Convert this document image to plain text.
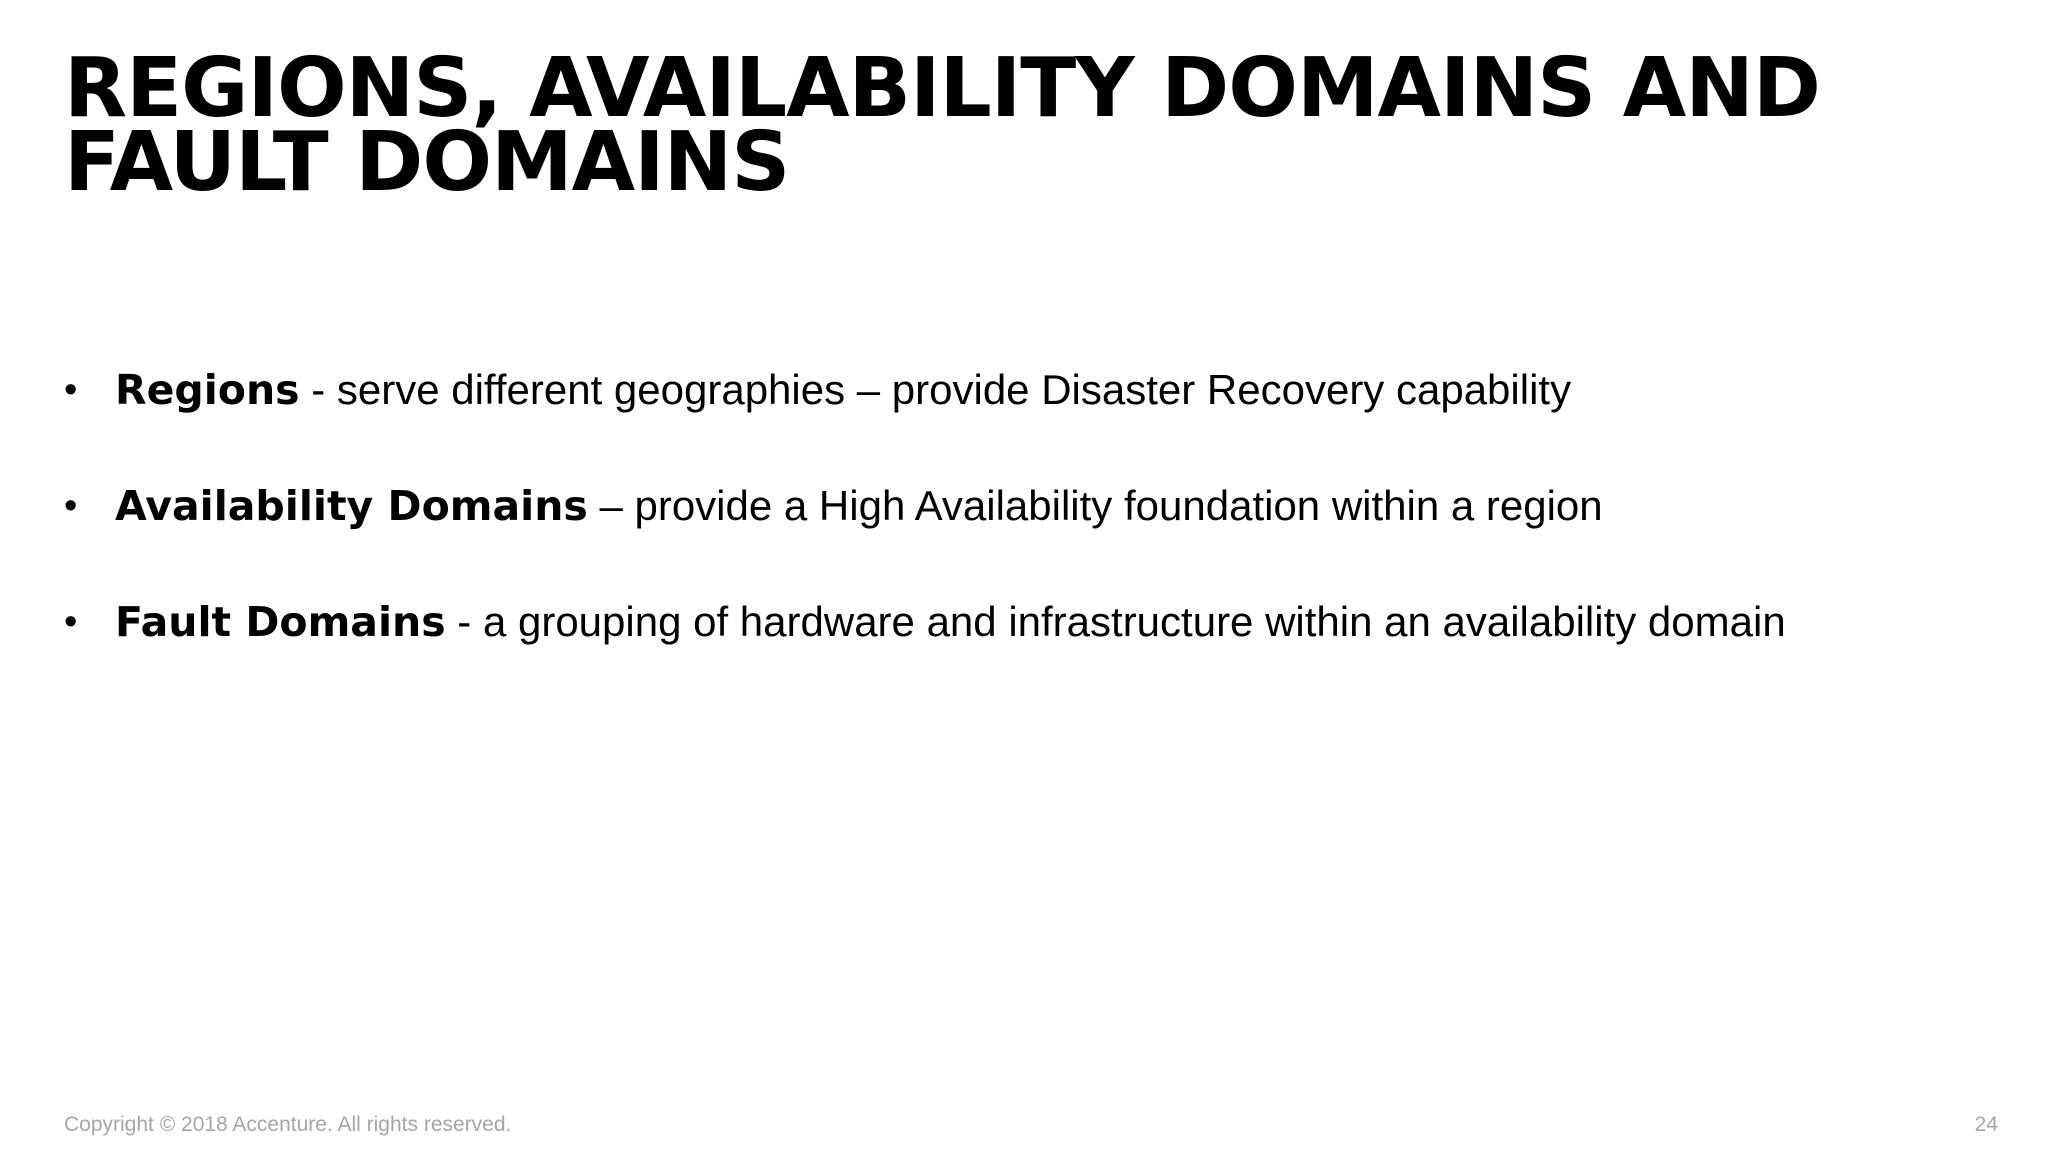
REGIONS, AVAILABILITY DOMAINS AND
FAULT DOMAINS
• Regions - serve different geographies – provide Disaster Recovery capability
• Availability Domains – provide a High Availability foundation within a region
• Fault Domains - a grouping of hardware and infrastructure within an availability domain
Copyright © 2018 Accenture. All rights reserved.	24
